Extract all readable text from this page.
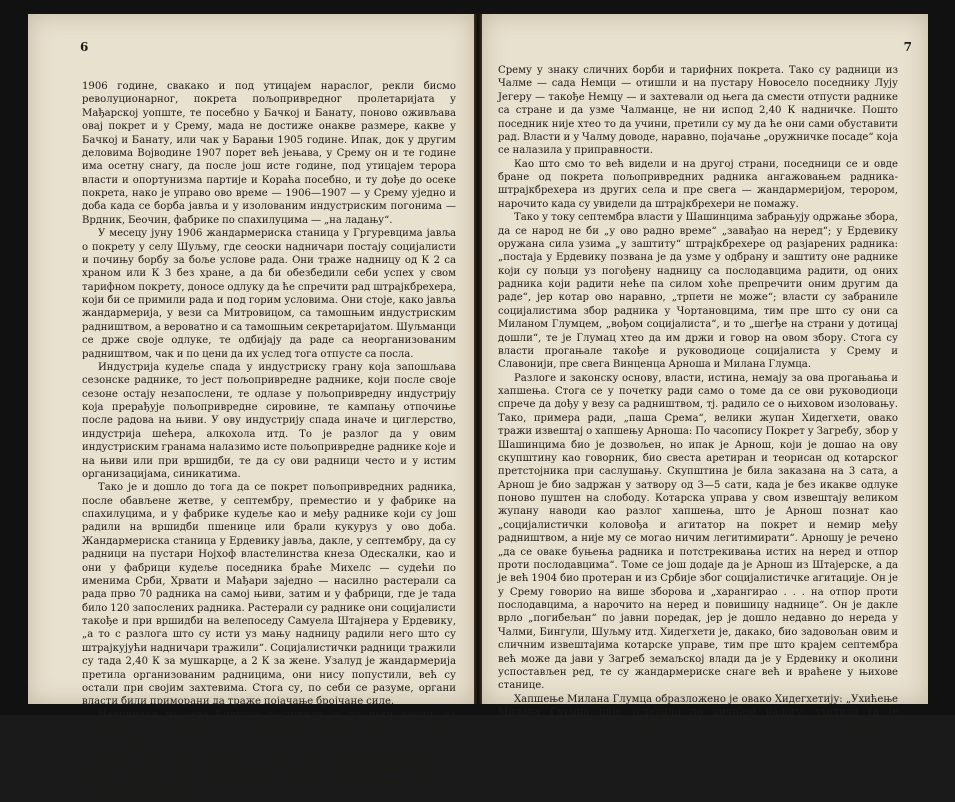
6

1906 године, свакако и под утицајем нараслог, рекли бисмо револуционарног, покрета пољопривредног пролетаријата у Мађарској уопште, те посебно у Бачкој и Банату, поново оживљава овај покрет и у Срему, мада не достиже онакве размере, какве у Бачкој и Банату, или чак у Барањи 1905 године. Ипак, док у другим деловима Војводине 1907 порет већ јењава, у Срему он и те године има осетну снагу, да после још исте године, под утицајем терора власти и опортунизма партије и Кораћа посебно, и ту дође до осеке покрета, нако је управо ово време — 1906—1907 — у Срему уједно и доба када се борба јавља и у изолованим индустриским погонима — Врдник, Беочин, фабрике по спахилуцима — „на ладању“.

У месецу јуну 1906 жандармериска станица у Гргуревцима јавља о покрету у селу Шуљму, где сеоски надничари постају социјалисти и почињу борбу за боље услове рада. Они траже надницу од К 2 са храном или К 3 без хране, а да би обезбедили себи успех у свом тарифном покрету, доносе одлуку да ће спречити рад штрајкбрехера, који би се примили рада и под горим условима. Они стоје, како јавља жандармерија, у вези са Митровицом, са тамошњим индустриским радништвом, а вероватно и са тамошњим секретаријатом. Шуљманци се држе своје одлуке, те одбијају да раде са неорганизованим радништвом, чак и по цени да их услед тога отпусте са посла.

Индустрија кудеље спада у индустриску грану која запошљава сезонске раднике, то јест пољопривредне раднике, који после своје сезоне остају незапослени, те одлазе у пољопривредну индустрију која прерађује пољопривредне сировине, те кампању отпочиње после радова на њиви. У ову индустрију спада иначе и циглерство, индустрија шећера, алкохола итд. То је разлог да у овим индустриским гранама налазимо исте пољопривредне раднике које и на њиви или при вршидби, те да су ови радници често и у истим организацијама, синикатима.

Тако је и дошло до тога да се покрет пољопривредних радника, после обављене жетве, у септембру, преместио и у фабрике на спахилуцима, и у фабрике кудеље као и међу раднике који су још радили на вршидби пшенице или брали кукуруз у ово доба. Жандармериска станица у Ердевику јавља, дакле, у септембру, да су радници на пустари Нојхоф властелинства кнеза Одескалки, као и они у фабрици кудеље поседника браће Михелс — судећи по именима Срби, Хрвати и Мађари заједно — насилно растерали са рада прво 70 радника на самој њиви, затим и у фабрици, где је тада било 120 запослених радника. Растерали су раднике они социјалисти такође и при вршидби на велепоседу Самуела Штајнера у Ердевику, „а то с разлога што су исти уз мању надницу радили него што су штрајкујући надничари тражили“. Социјалистички радници тражили су тада 2,40 К за мушкарце, а 2 К за жене. Узалуд је жандармерија претила организованим радницима, они нису попустили, већ су остали при својим захтевима. Стога су, по себи се разуме, органи власти били приморани да траже појачање бројчане силе.

Надничари из села Бингуле поступили су на исти начин, на имањима свог подручја, те забранили надничарима у Чалми, Мартинцима и Кузмину да раде за мању надницу од одлучене, јер су радници у Бингули, њих око 200, на својој скупштини одлучили да нити ће сами да раде за надницу од 2 К, нити ће дозволити да ко са стране долази и ради за ту надницу. Јесењи радови на њиви текли су и по другим селима у

7

Срему у знаку сличних борби и тарифних покрета. Тако су радници из Чалме — сада Немци — отишли и на пустару Новосело поседнику Лују Јегеру — такође Немцу — и захтевали од њега да смести отпусти раднике са стране и да узме Чалманце, не ни испод 2,40 К надничке. Пошто поседник није хтео то да учини, претили су му да ће они сами обуставити рад. Власти и у Чалму доводе, наравно, појачање „оружничке посаде“ која се налазила у приправности.

Као што смо то већ видели и на другој страни, поседници се и овде бране од покрета пољопривредних радника ангажовањем радника-штрајкбрехера из других села и пре свега — жандармеријом, терором, нарочито када су увидели да штрајкбрехери не помажу.

Тако у току септембра власти у Шашинцима забрањују одржање збора, да се народ не би „у ово радно време“ „завађао на неред“; у Ердевику оружана сила узима „у заштиту“ штрајкбрехере од разјарених радника: „постаја у Ердевику позвана је да узме у одбрану и заштиту оне раднике који су пољци уз погођену надницу са послодавцима радити, од оних радника који радити неће па силом хоће препречити оним другим да раде“, јер котар ово наравно, „трпети не може“; власти су забраниле социјалистима збор радника у Чортановцима, тим пре што су они са Миланом Глумцем, „вођом социјалиста“, и то „шегђе на страни у дотицај дошли“, те је Глумац хтео да им држи и говор на овом збору. Стога су власти прогањале такође и руководиоце социјалиста у Срему и Славонији, пре свега Винценца Арноша и Милана Глумца.

Разлоге и законску основу, власти, истина, немају за ова прогањања и хапшења. Стога се у почетку ради само о томе да се ови руководиоци спрече да дођу у везу са радништвом, тј. радило се о њиховом изоловању. Тако, примера ради, „паша Срема“, велики жупан Хидегхети, овако тражи извештај о хапшењу Арноша: По часопису Покрет у Загребу, збор у Шашинцима био је дозвољен, но ипак је Арнош, који је дошао на ову скупштину као говорник, био свеста аретиран и теорисан од котарског претстојника при саслушању. Скупштина је била заказана на 3 сата, а Арнош је био задржан у затвору од 3—5 сати, када је без икакве одлуке поново пуштен на слободу. Котарска управа у свом извештају великом жупану наводи као разлог хапшења, што је Арнош познат као „социјалистички коловођа и агитатор на покрет и немир међу радништвом, а није му се могао ничим легитимирати“. Арношу је речено „да се оваке буњења радника и потстрекивања истих на неред и отпор проти послодавцима“. Томе се још додаје да је Арнош из Штајерске, а да је већ 1904 био протеран и из Србије због социјалистичке агитације. Он је у Срему говорио на више зборова и „харангирао . . . на отпор проти послодавцима, а нарочито на неред и повишицу наднице“. Он је дакле врло „погибељан“ по јавни поредак, јер је дошло недавно до нереда у Чалми, Бингули, Шуљму итд. Хидегхети је, дакако, био задовољан овим и сличним извештајима котарске управе, тим пре што крајем септембра већ може да јави у Загреб земаљској влади да је у Ердевику и околини успостављен ред, те су жандармериске снаге већ и враћене у њихове станице.

Хапшење Милана Глумца образложено је овако Хидегхетију: „Ухићење Милана Глумца није уследило по ничијем налогу; ухитила га је оружничка постаја у Врднику . . . “ Радило се о томе да је 10 септембра
